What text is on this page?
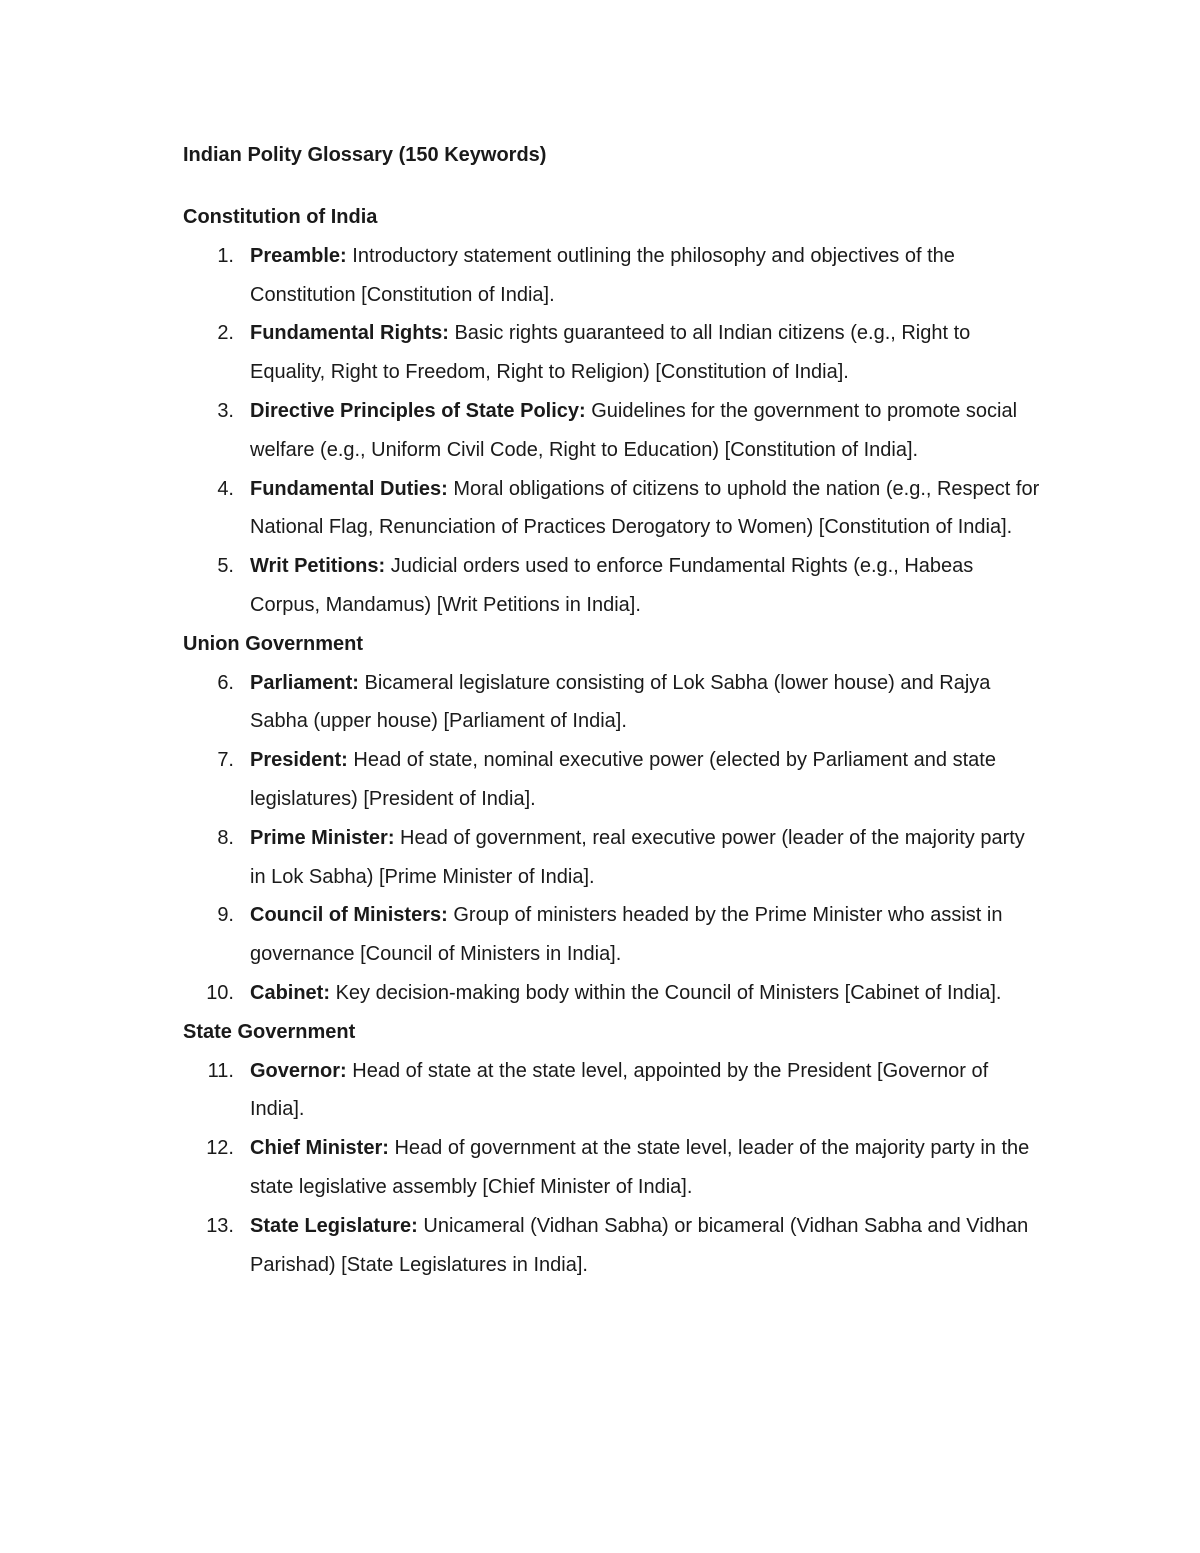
Indian Polity Glossary (150 Keywords)
Constitution of India
1. Preamble: Introductory statement outlining the philosophy and objectives of the Constitution [Constitution of India].
2. Fundamental Rights: Basic rights guaranteed to all Indian citizens (e.g., Right to Equality, Right to Freedom, Right to Religion) [Constitution of India].
3. Directive Principles of State Policy: Guidelines for the government to promote social welfare (e.g., Uniform Civil Code, Right to Education) [Constitution of India].
4. Fundamental Duties: Moral obligations of citizens to uphold the nation (e.g., Respect for National Flag, Renunciation of Practices Derogatory to Women) [Constitution of India].
5. Writ Petitions: Judicial orders used to enforce Fundamental Rights (e.g., Habeas Corpus, Mandamus) [Writ Petitions in India].
Union Government
6. Parliament: Bicameral legislature consisting of Lok Sabha (lower house) and Rajya Sabha (upper house) [Parliament of India].
7. President: Head of state, nominal executive power (elected by Parliament and state legislatures) [President of India].
8. Prime Minister: Head of government, real executive power (leader of the majority party in Lok Sabha) [Prime Minister of India].
9. Council of Ministers: Group of ministers headed by the Prime Minister who assist in governance [Council of Ministers in India].
10. Cabinet: Key decision-making body within the Council of Ministers [Cabinet of India].
State Government
11. Governor: Head of state at the state level, appointed by the President [Governor of India].
12. Chief Minister: Head of government at the state level, leader of the majority party in the state legislative assembly [Chief Minister of India].
13. State Legislature: Unicameral (Vidhan Sabha) or bicameral (Vidhan Sabha and Vidhan Parishad) [State Legislatures in India].
